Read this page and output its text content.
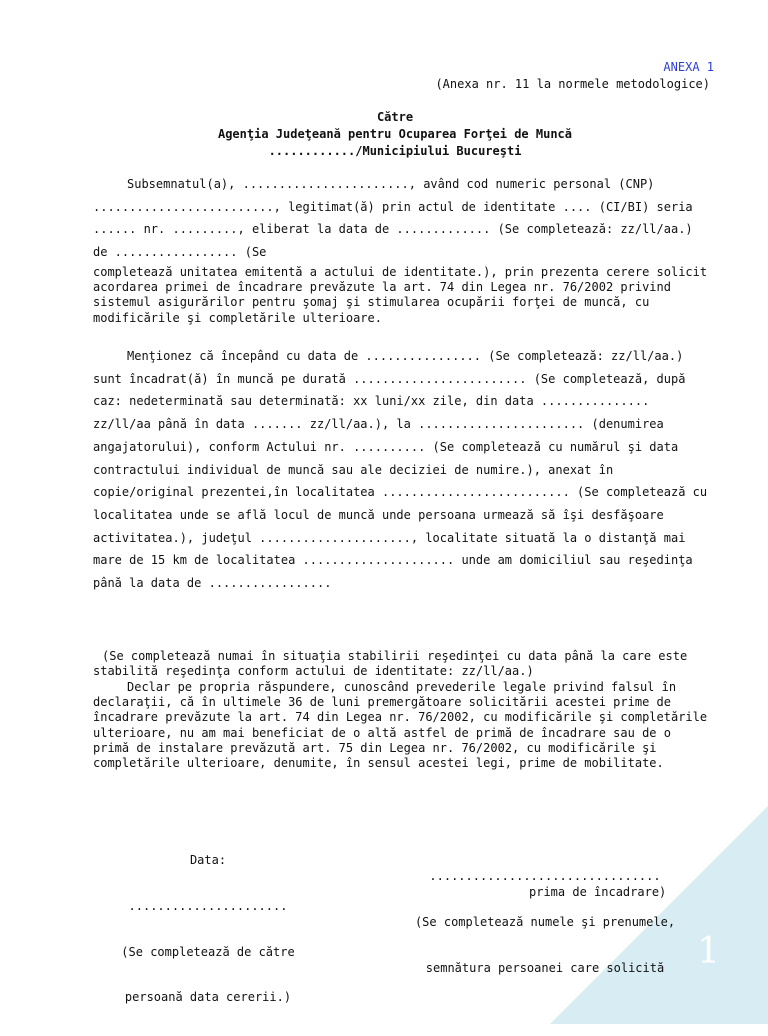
1
ANEXA 1
(Anexa nr. 11 la normele metodologice)
Către
Agenţia Judeţeană pentru Ocuparea Forţei de Muncă
............/Municipiului Bucureşti
Subsemnatul(a), ......................., având cod numeric personal (CNP) ........................., legitimat(ă) prin actul de identitate .... (CI/BI) seria ...... nr. ........., eliberat la data de ............. (Se completează: zz/ll/aa.) de ................. (Se
completează unitatea emitentă a actului de identitate.), prin prezenta cerere solicit acordarea primei de încadrare prevăzute la art. 74 din Legea nr. 76/2002 privind sistemul asigurărilor pentru şomaj şi stimularea ocupării forţei de muncă, cu modificările şi completările ulterioare.
Menţionez că începând cu data de ................ (Se completează: zz/ll/aa.) sunt încadrat(ă) în muncă pe durată ........................ (Se completează, după caz: nedeterminată sau determinată: xx luni/xx zile, din data ............... zz/ll/aa până în data ....... zz/ll/aa.), la ....................... (denumirea angajatorului), conform Actului nr. .......... (Se completează cu numărul şi data contractului individual de muncă sau ale deciziei de numire.), anexat în copie/original prezentei,în localitatea .......................... (Se completează cu localitatea unde se află locul de muncă unde persoana urmează să îşi desfăşoare activitatea.), judeţul ....................., localitate situată la o distanţă mai mare de 15 km de localitatea ..................... unde am domiciliul sau reşedinţa până la data de .................
(Se completează numai în situaţia stabilirii reşedinţei cu data până la care este stabilită reşedinţa conform actului de identitate: zz/ll/aa.)
Declar pe propria răspundere, cunoscând prevederile legale privind falsul în declaraţii, că în ultimele 36 de luni premergătoare solicitării acestei prime de încadrare prevăzute la art. 74 din Legea nr. 76/2002, cu modificările şi completările ulterioare, nu am mai beneficiat de o altă astfel de primă de încadrare sau de o primă de instalare prevăzută art. 75 din Legea nr. 76/2002, cu modificările şi completările ulterioare, denumite, în sensul acestei legi, prime de mobilitate.

Data:

......................

(Se completează de către

persoană data cererii.)

................................

(Se completează numele şi prenumele,

semnătura persoanei care solicită

prima de încadrare)
